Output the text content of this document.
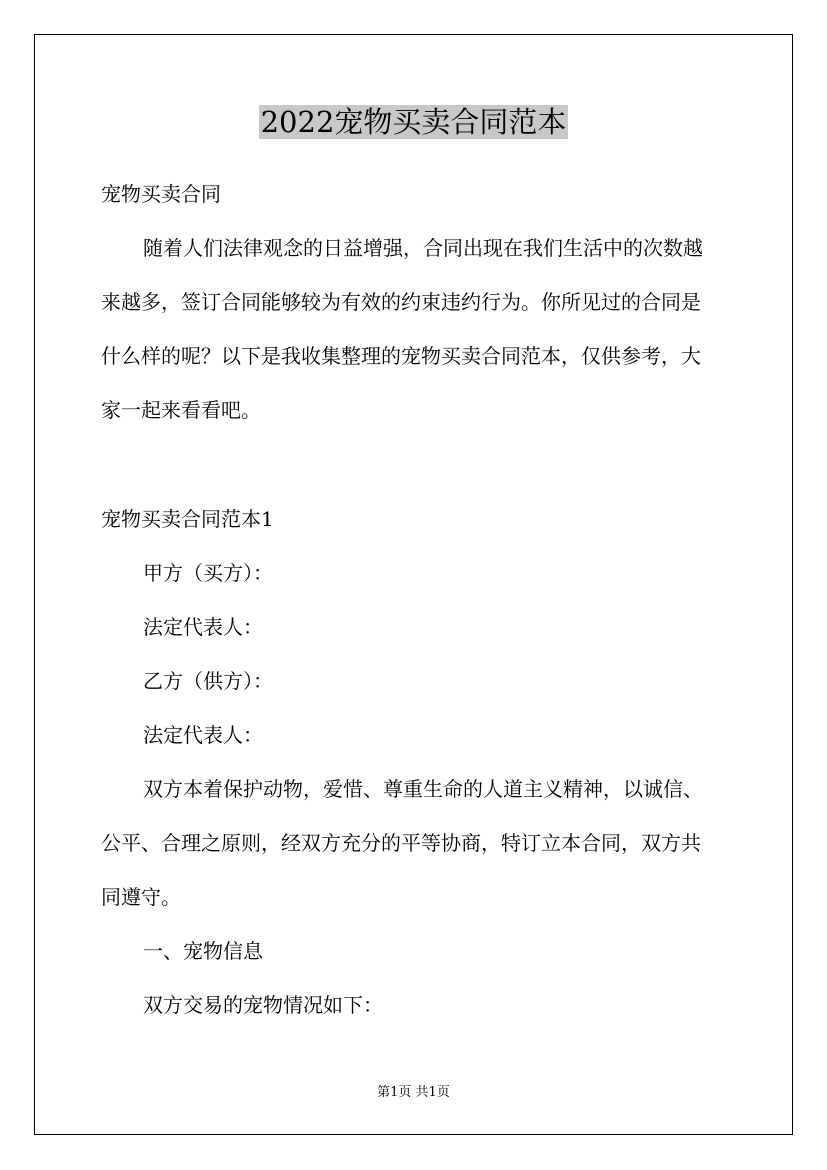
2022宠物买卖合同范本

宠物买卖合同

随着人们法律观念的日益增强，合同出现在我们生活中的次数越

来越多，签订合同能够较为有效的约束违约行为。你所见过的合同是

什么样的呢？以下是我收集整理的宠物买卖合同范本，仅供参考，大

家一起来看看吧。

宠物买卖合同范本1

甲方（买方）：

法定代表人：

乙方（供方）：

法定代表人：

双方本着保护动物，爱惜、尊重生命的人道主义精神，以诚信、

公平、合理之原则，经双方充分的平等协商，特订立本合同，双方共

同遵守。

一、宠物信息

双方交易的宠物情况如下：

第1页 共1页
